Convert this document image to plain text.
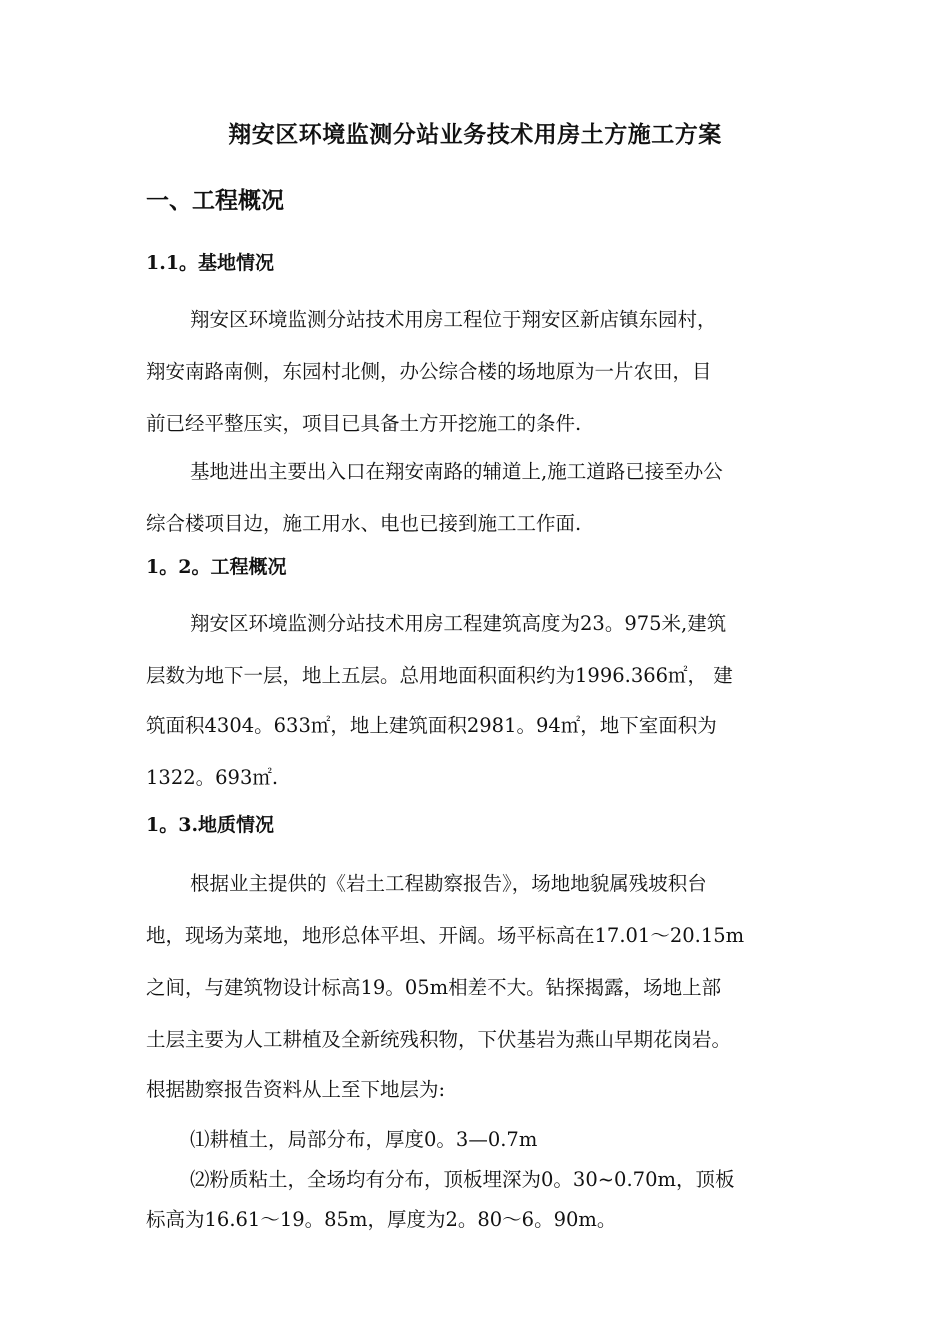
翔安区环境监测分站业务技术用房土方施工方案
一、工程概况
1.1。基地情况
翔安区环境监测分站技术用房工程位于翔安区新店镇东园村，
翔安南路南侧，东园村北侧，办公综合楼的场地原为一片农田，目
前已经平整压实，项目已具备土方开挖施工的条件.
基地进出主要出入口在翔安南路的辅道上,施工道路已接至办公
综合楼项目边，施工用水、电也已接到施工工作面.
1。2。工程概况
翔安区环境监测分站技术用房工程建筑高度为23。975米,建筑
层数为地下一层，地上五层。总用地面积面积约为1996.366㎡， 建
筑面积4304。633㎡，地上建筑面积2981。94㎡，地下室面积为
1322。693㎡.
1。3.地质情况
根据业主提供的《岩土工程勘察报告》，场地地貌属残坡积台
地，现场为菜地，地形总体平坦、开阔。场平标高在17.01～20.15m
之间，与建筑物设计标高19。05m相差不大。钻探揭露，场地上部
土层主要为人工耕植及全新统残积物，下伏基岩为燕山早期花岗岩。
根据勘察报告资料从上至下地层为:
⑴耕植土，局部分布，厚度0。3—0.7m
⑵粉质粘土，全场均有分布，顶板埋深为0。30~0.70m，顶板
标高为16.61～19。85m，厚度为2。80～6。90m。
